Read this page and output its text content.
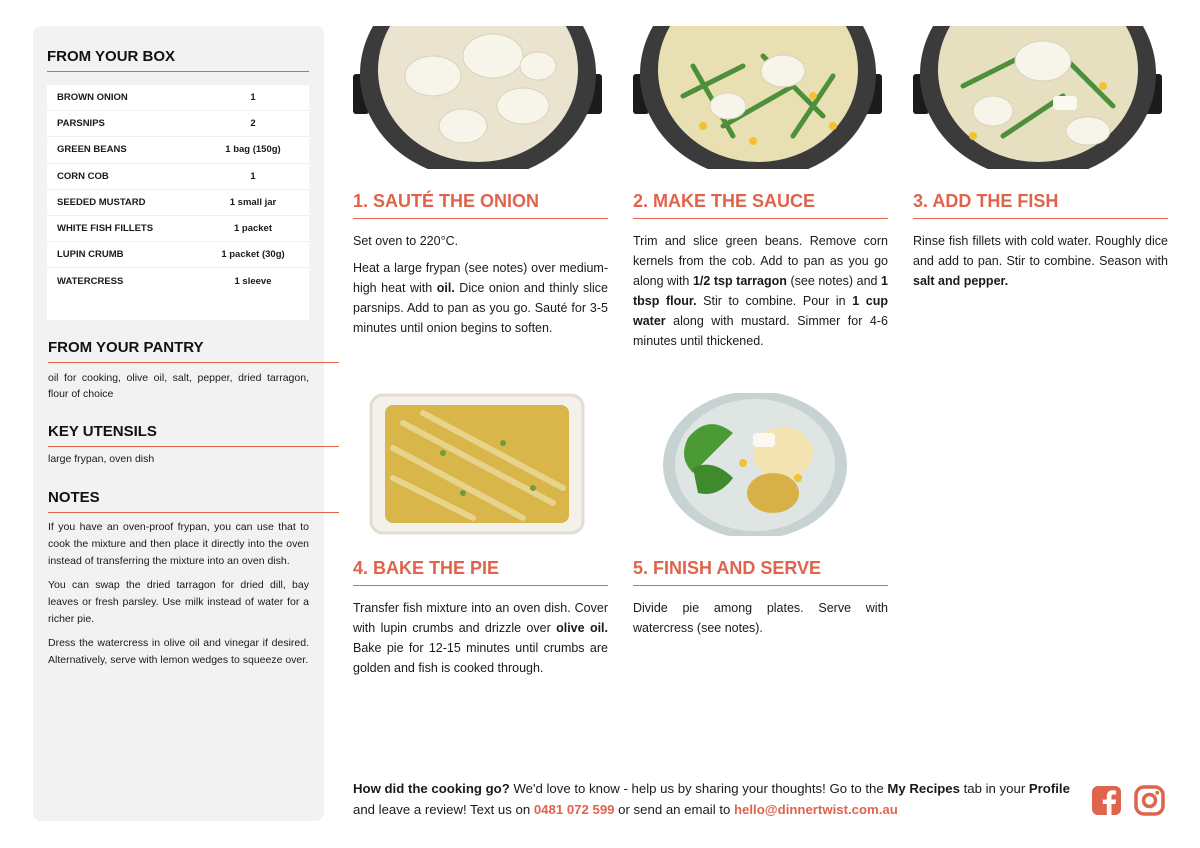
FROM YOUR BOX
BROWN ONION	1
PARSNIPS	2
GREEN BEANS	1 bag (150g)
CORN COB	1
SEEDED MUSTARD	1 small jar
WHITE FISH FILLETS	1 packet
LUPIN CRUMB	1 packet (30g)
WATERCRESS	1 sleeve
FROM YOUR PANTRY
oil for cooking, olive oil, salt, pepper, dried tarragon, flour of choice
KEY UTENSILS
large frypan, oven dish
NOTES

If you have an oven-proof frypan, you can use that to cook the mixture and then place it directly into the oven instead of transferring the mixture into an oven dish.

You can swap the dried tarragon for dried dill, bay leaves or fresh parsley. Use milk instead of water for a richer pie.

Dress the watercress in olive oil and vinegar if desired. Alternatively, serve with lemon wedges to squeeze over.

1. SAUTÉ THE ONION

Set oven to 220°C.

Heat a large frypan (see notes) over medium-high heat with oil. Dice onion and thinly slice parsnips. Add to pan as you go. Sauté for 3-5 minutes until onion begins to soften.

2. MAKE THE SAUCE

Trim and slice green beans. Remove corn kernels from the cob. Add to pan as you go along with 1/2 tsp tarragon (see notes) and 1 tbsp flour. Stir to combine. Pour in 1 cup water along with mustard. Simmer for 4-6 minutes until thickened.

3. ADD THE FISH

Rinse fish fillets with cold water. Roughly dice and add to pan. Stir to combine. Season with salt and pepper.

4. BAKE THE PIE

Transfer fish mixture into an oven dish. Cover with lupin crumbs and drizzle over olive oil. Bake pie for 12-15 minutes until crumbs are golden and fish is cooked through.

5. FINISH AND SERVE

Divide pie among plates. Serve with watercress (see notes).

How did the cooking go? We'd love to know - help us by sharing your thoughts! Go to the My Recipes tab in your Profile and leave a review! Text us on 0481 072 599 or send an email to hello@dinnertwist.com.au
